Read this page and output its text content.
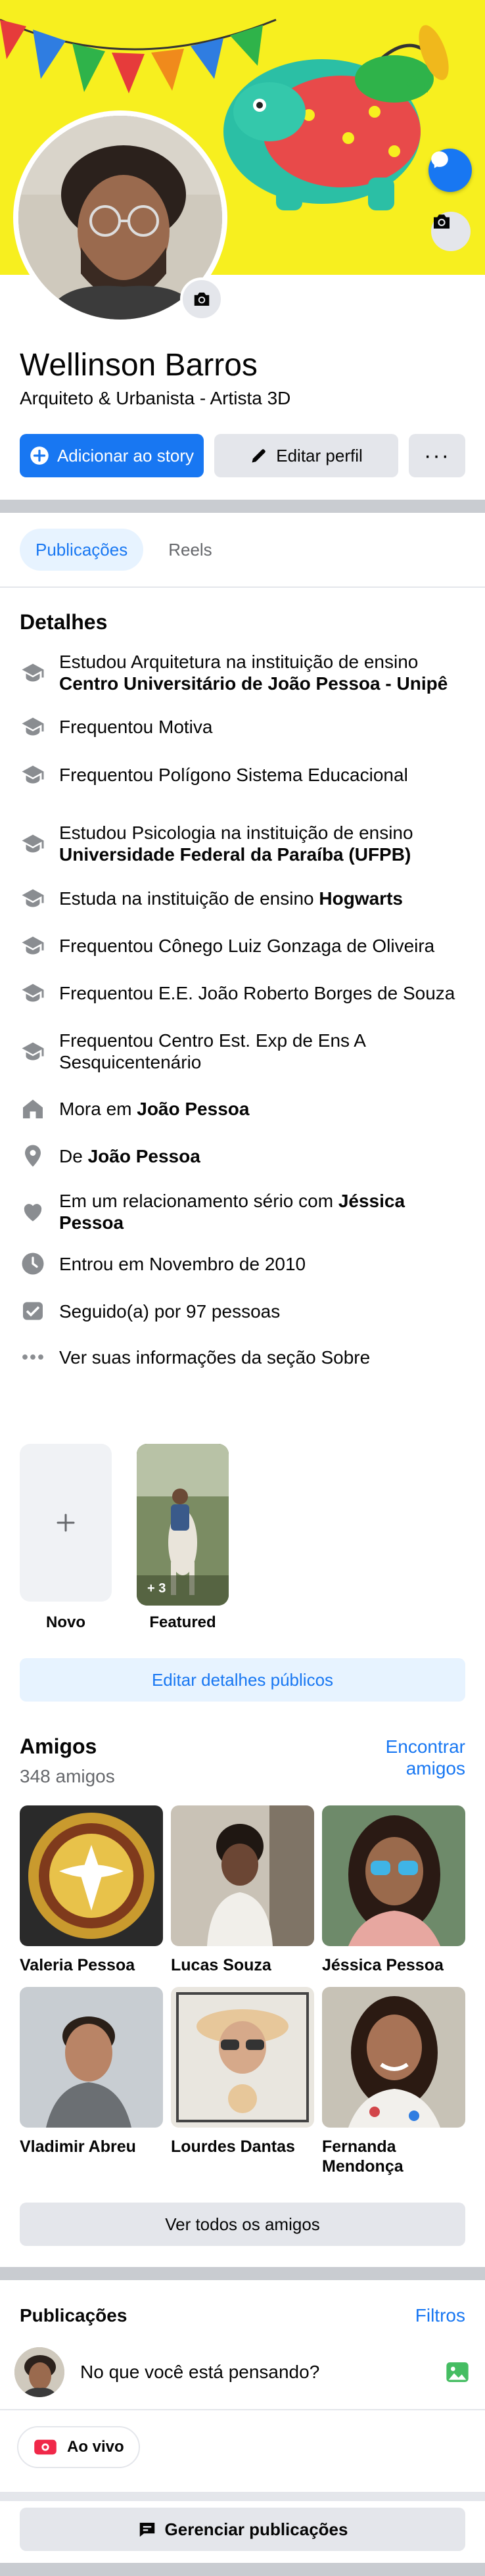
Wellinson Barros
Arquiteto & Urbanista - Artista 3D
Adicionar ao story	Editar perfil	···
Publicações	Reels
Detalhes
Estudou Arquitetura na instituição de ensino Centro Universitário de João Pessoa - Unipê
Frequentou Motiva
Frequentou Polígono Sistema Educacional
Estudou Psicologia na instituição de ensino Universidade Federal da Paraíba (UFPB)
Estuda na instituição de ensino Hogwarts
Frequentou Cônego Luiz Gonzaga de Oliveira
Frequentou E.E. João Roberto Borges de Souza
Frequentou Centro Est. Exp de Ens A Sesquicentenário
Mora em João Pessoa
De João Pessoa
Em um relacionamento sério com Jéssica Pessoa
Entrou em Novembro de 2010
Seguido(a) por 97 pessoas
Ver suas informações da seção Sobre
Novo
+ 3
Featured
Editar detalhes públicos
Amigos
348 amigos
Encontrar
amigos
Valeria Pessoa	Lucas Souza	Jéssica Pessoa
Vladimir Abreu	Lourdes Dantas	Fernanda Mendonça
Ver todos os amigos
Publicações	Filtros
No que você está pensando?
Ao vivo
Gerenciar publicações
